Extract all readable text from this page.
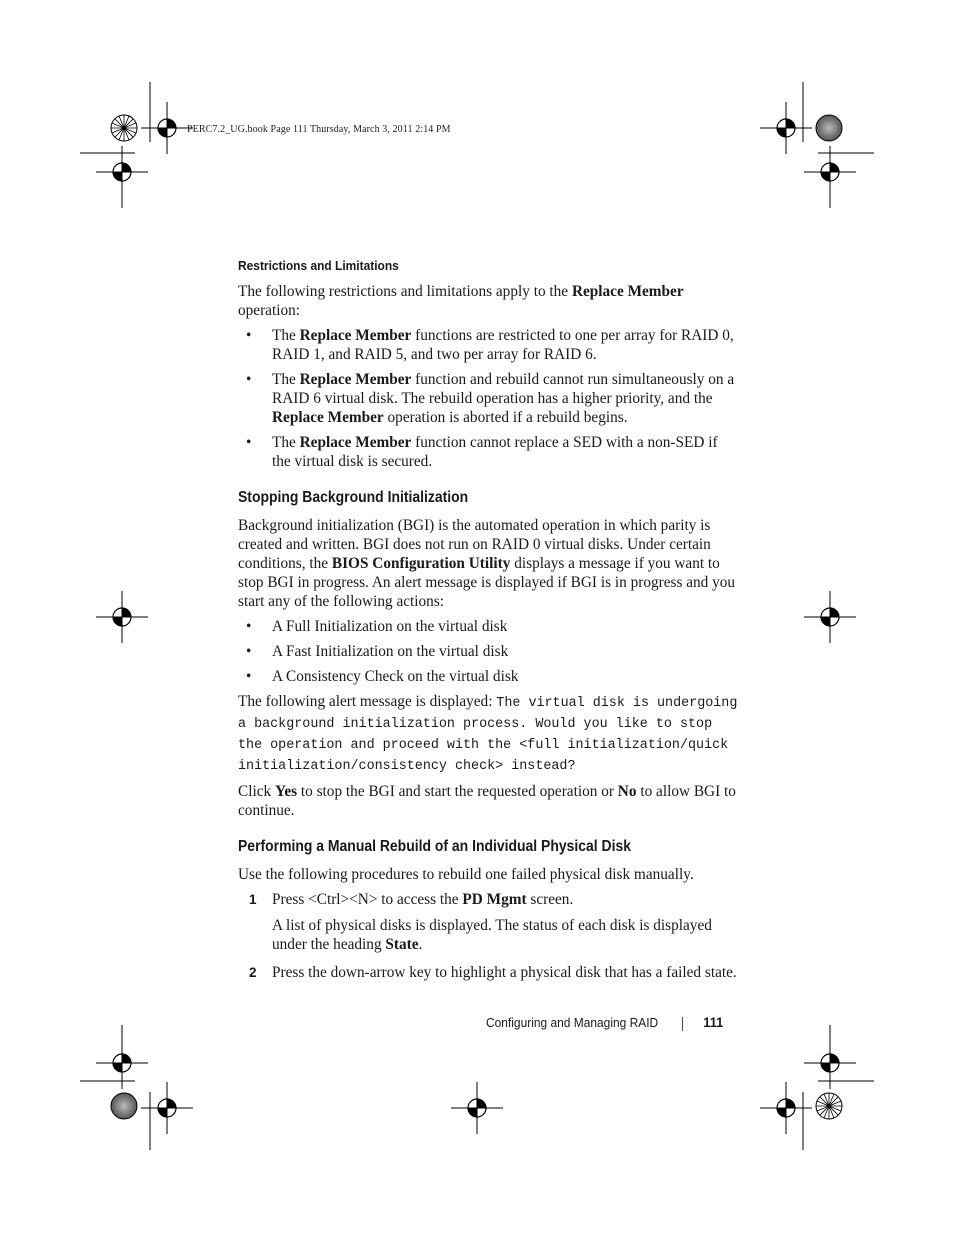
PERC7.2_UG.book Page 111 Thursday, March 3, 2011 2:14 PM
Restrictions and Limitations

The following restrictions and limitations apply to the Replace Member operation:

• The Replace Member functions are restricted to one per array for RAID 0, RAID 1, and RAID 5, and two per array for RAID 6.
• The Replace Member function and rebuild cannot run simultaneously on a RAID 6 virtual disk. The rebuild operation has a higher priority, and the Replace Member operation is aborted if a rebuild begins.
• The Replace Member function cannot replace a SED with a non-SED if the virtual disk is secured.
Stopping Background Initialization

Background initialization (BGI) is the automated operation in which parity is created and written. BGI does not run on RAID 0 virtual disks. Under certain conditions, the BIOS Configuration Utility displays a message if you want to stop BGI in progress. An alert message is displayed if BGI is in progress and you start any of the following actions:

• A Full Initialization on the virtual disk
• A Fast Initialization on the virtual disk
• A Consistency Check on the virtual disk

The following alert message is displayed: The virtual disk is undergoing a background initialization process. Would you like to stop the operation and proceed with the <full initialization/quick initialization/consistency check> instead?

Click Yes to stop the BGI and start the requested operation or No to allow BGI to continue.

Performing a Manual Rebuild of an Individual Physical Disk

Use the following procedures to rebuild one failed physical disk manually.

1 Press <Ctrl><N> to access the PD Mgmt screen.

A list of physical disks is displayed. The status of each disk is displayed under the heading State.

2 Press the down-arrow key to highlight a physical disk that has a failed state.
Configuring and Managing RAID	111
